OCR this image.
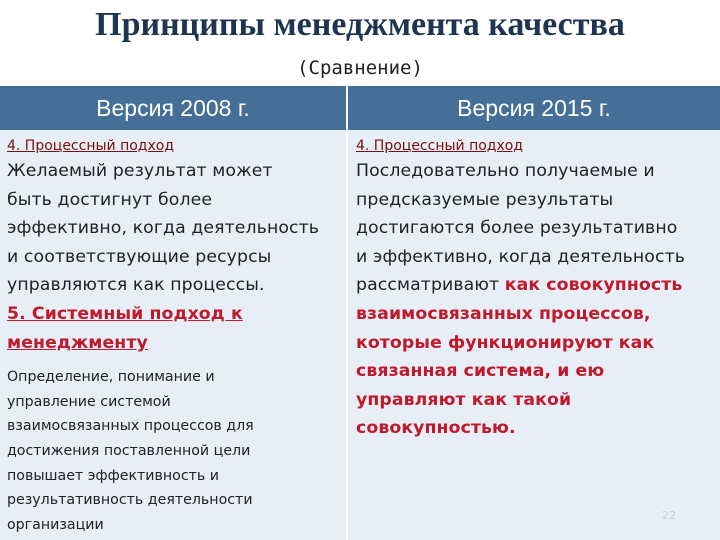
Принципы менеджмента качества
(Сравнение)
Версия 2008 г.	Версия 2015 г.
4. Процессный подход
Желаемый результат может
быть достигнут более
эффективно, когда деятельность
и соответствующие ресурсы
управляются как процессы.
5. Системный подход к
менеджменту
Определение, понимание и
управление системой
взаимосвязанных процессов для
достижения поставленной цели
повышает эффективность и
результативность деятельности
организации
4. Процессный подход
Последовательно получаемые и
предсказуемые результаты
достигаются более результативно
и эффективно, когда деятельность
рассматривают как совокупность
взаимосвязанных процессов,
которые функционируют как
связанная система, и ею
управляют как такой
совокупностью.
22
